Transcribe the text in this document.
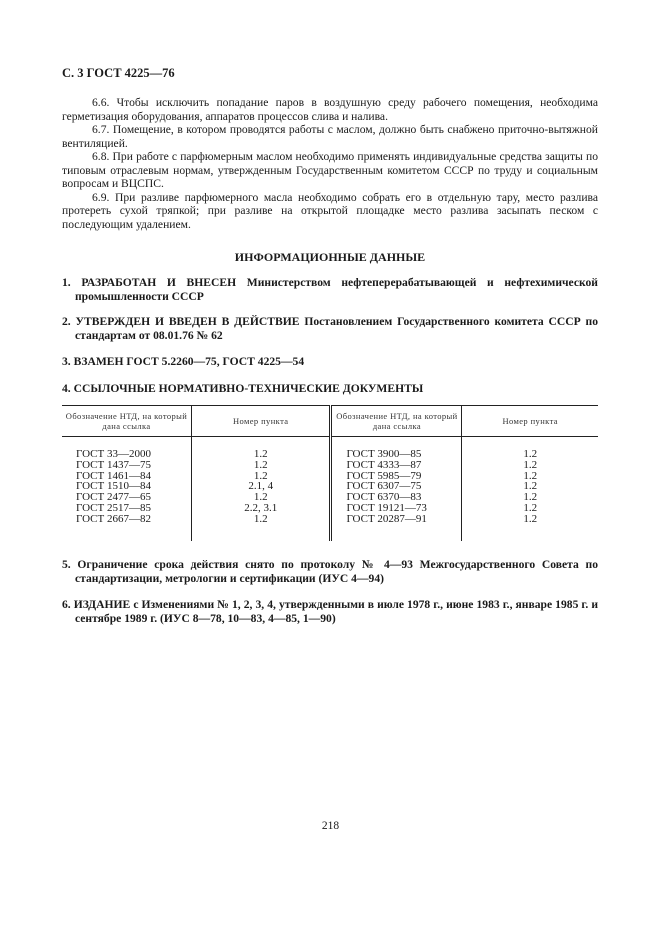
С. 3 ГОСТ 4225—76

6.6. Чтобы исключить попадание паров в воздушную среду рабочего помещения, необходима герметизация оборудования, аппаратов процессов слива и налива.

6.7. Помещение, в котором проводятся работы с маслом, должно быть снабжено приточно-вытяжной вентиляцией.

6.8. При работе с парфюмерным маслом необходимо применять индивидуальные средства защиты по типовым отраслевым нормам, утвержденным Государственным комитетом СССР по труду и социальным вопросам и ВЦСПС.

6.9. При разливе парфюмерного масла необходимо собрать его в отдельную тару, место разлива протереть сухой тряпкой; при разливе на открытой площадке место разлива засыпать песком с последующим удалением.

ИНФОРМАЦИОННЫЕ ДАННЫЕ
1. РАЗРАБОТАН И ВНЕСЕН Министерством нефтеперерабатывающей и нефтехимической промышленности СССР
2. УТВЕРЖДЕН И ВВЕДЕН В ДЕЙСТВИЕ Постановлением Государственного комитета СССР по стандартам от 08.01.76 № 62
3. ВЗАМЕН ГОСТ 5.2260—75, ГОСТ 4225—54
4. ССЫЛОЧНЫЕ НОРМАТИВНО-ТЕХНИЧЕСКИЕ ДОКУМЕНТЫ
Обозначение НТД, на который дана ссылка	Номер пункта	Обозначение НТД, на который дана ссылка	Номер пункта

ГОСТ 33—2000	1.2	ГОСТ 3900—85	1.2
ГОСТ 1437—75	1.2	ГОСТ 4333—87	1.2
ГОСТ 1461—84	1.2	ГОСТ 5985—79	1.2
ГОСТ 1510—84	2.1, 4	ГОСТ 6307—75	1.2
ГОСТ 2477—65	1.2	ГОСТ 6370—83	1.2
ГОСТ 2517—85	2.2, 3.1	ГОСТ 19121—73	1.2
ГОСТ 2667—82	1.2	ГОСТ 20287—91	1.2

5. Ограничение срока действия снято по протоколу № 4—93 Межгосударственного Совета по стандартизации, метрологии и сертификации (ИУС 4—94)
6. ИЗДАНИЕ с Изменениями № 1, 2, 3, 4, утвержденными в июле 1978 г., июне 1983 г., январе 1985 г. и сентябре 1989 г. (ИУС 8—78, 10—83, 4—85, 1—90)
218
